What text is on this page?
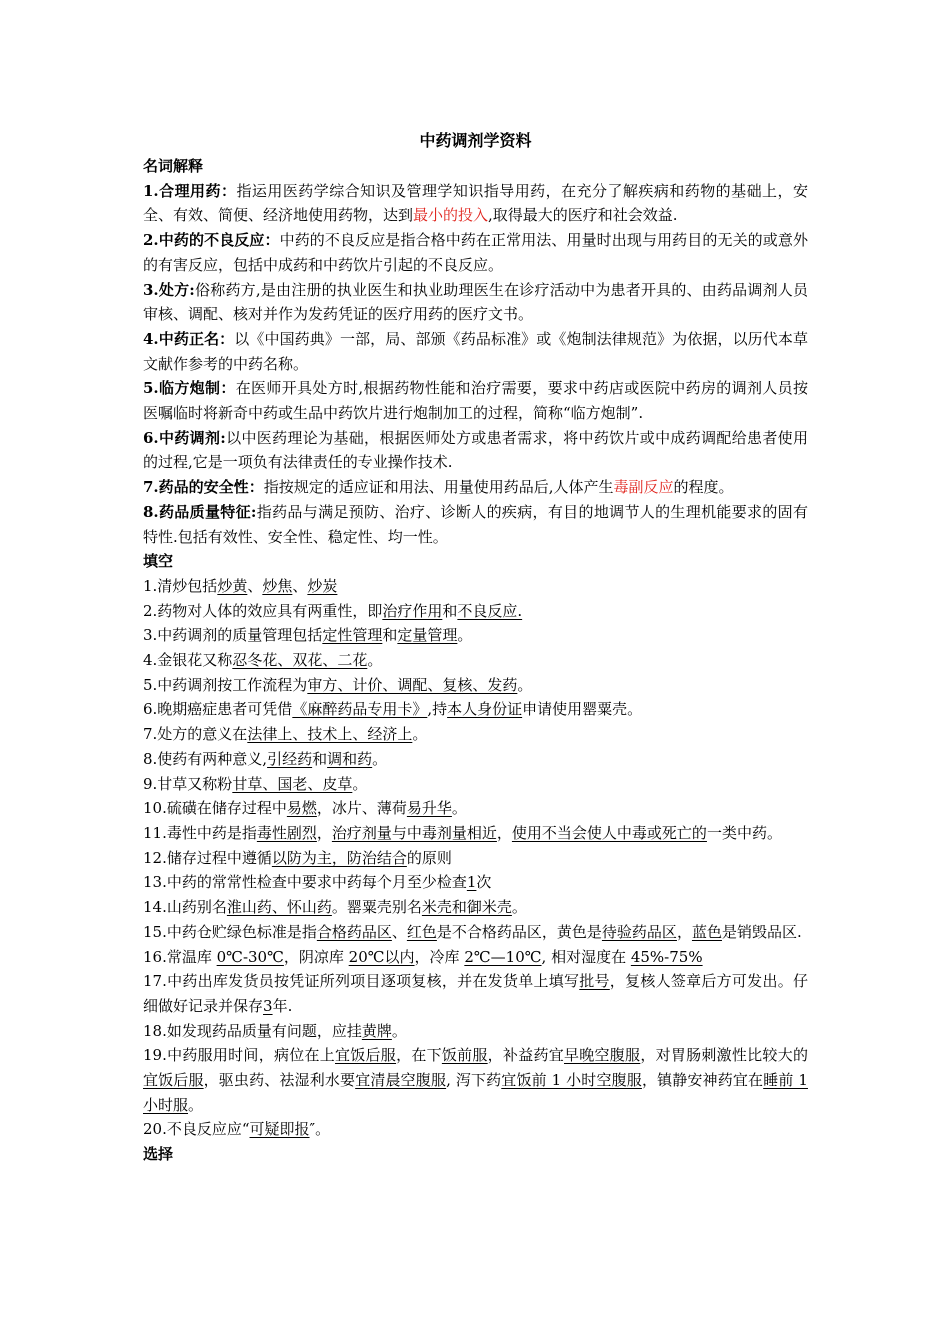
中药调剂学资料
名词解释

1.合理用药：指运用医药学综合知识及管理学知识指导用药，在充分了解疾病和药物的基础上，安全、有效、简便、经济地使用药物，达到最小的投入,取得最大的医疗和社会效益.

2.中药的不良反应：中药的不良反应是指合格中药在正常用法、用量时出现与用药目的无关的或意外的有害反应，包括中成药和中药饮片引起的不良反应。

3.处方:俗称药方,是由注册的执业医生和执业助理医生在诊疗活动中为患者开具的、由药品调剂人员审核、调配、核对并作为发药凭证的医疗用药的医疗文书。

4.中药正名：以《中国药典》一部，局、部颁《药品标准》或《炮制法律规范》为依据，以历代本草文献作参考的中药名称。

5.临方炮制：在医师开具处方时,根据药物性能和治疗需要，要求中药店或医院中药房的调剂人员按医嘱临时将新奇中药或生品中药饮片进行炮制加工的过程，简称“临方炮制”.

6.中药调剂:以中医药理论为基础，根据医师处方或患者需求，将中药饮片或中成药调配给患者使用的过程,它是一项负有法律责任的专业操作技术.

7.药品的安全性：指按规定的适应证和用法、用量使用药品后,人体产生毒副反应的程度。

8.药品质量特征:指药品与满足预防、治疗、诊断人的疾病，有目的地调节人的生理机能要求的固有特性.包括有效性、安全性、稳定性、均一性。

填空

1.清炒包括炒黄、炒焦、炒炭

2.药物对人体的效应具有两重性，即治疗作用和不良反应.

3.中药调剂的质量管理包括定性管理和定量管理。

4.金银花又称忍冬花、双花、二花。

5.中药调剂按工作流程为审方、计价、调配、复核、发药。

6.晚期癌症患者可凭借《麻醉药品专用卡》,持本人身份证申请使用罂粟壳。

7.处方的意义在法律上、技术上、经济上。

8.使药有两种意义,引经药和调和药。

9.甘草又称粉甘草、国老、皮草。

10.硫磺在储存过程中易燃，冰片、薄荷易升华。

11.毒性中药是指毒性剧烈，治疗剂量与中毒剂量相近，使用不当会使人中毒或死亡的一类中药。

12.储存过程中遵循以防为主，防治结合的原则

13.中药的常常性检查中要求中药每个月至少检查1次

14.山药别名淮山药、怀山药。罂粟壳别名米壳和御米壳。

15.中药仓贮绿色标准是指合格药品区、红色是不合格药品区，黄色是待验药品区，蓝色是销毁品区.

16.常温库 0℃-30℃，阴凉库 20℃以内，冷库 2℃—10℃, 相对湿度在 45%-75%

17.中药出库发货员按凭证所列项目逐项复核，并在发货单上填写批号，复核人签章后方可发出。仔细做好记录并保存3年.

18.如发现药品质量有问题，应挂黄牌。

19.中药服用时间，病位在上宜饭后服，在下饭前服，补益药宜早晚空腹服，对胃肠刺激性比较大的宜饭后服，驱虫药、祛湿利水要宜清晨空腹服, 泻下药宜饭前 1 小时空腹服，镇静安神药宜在睡前 1 小时服。

20.不良反应应“可疑即报″。

选择
